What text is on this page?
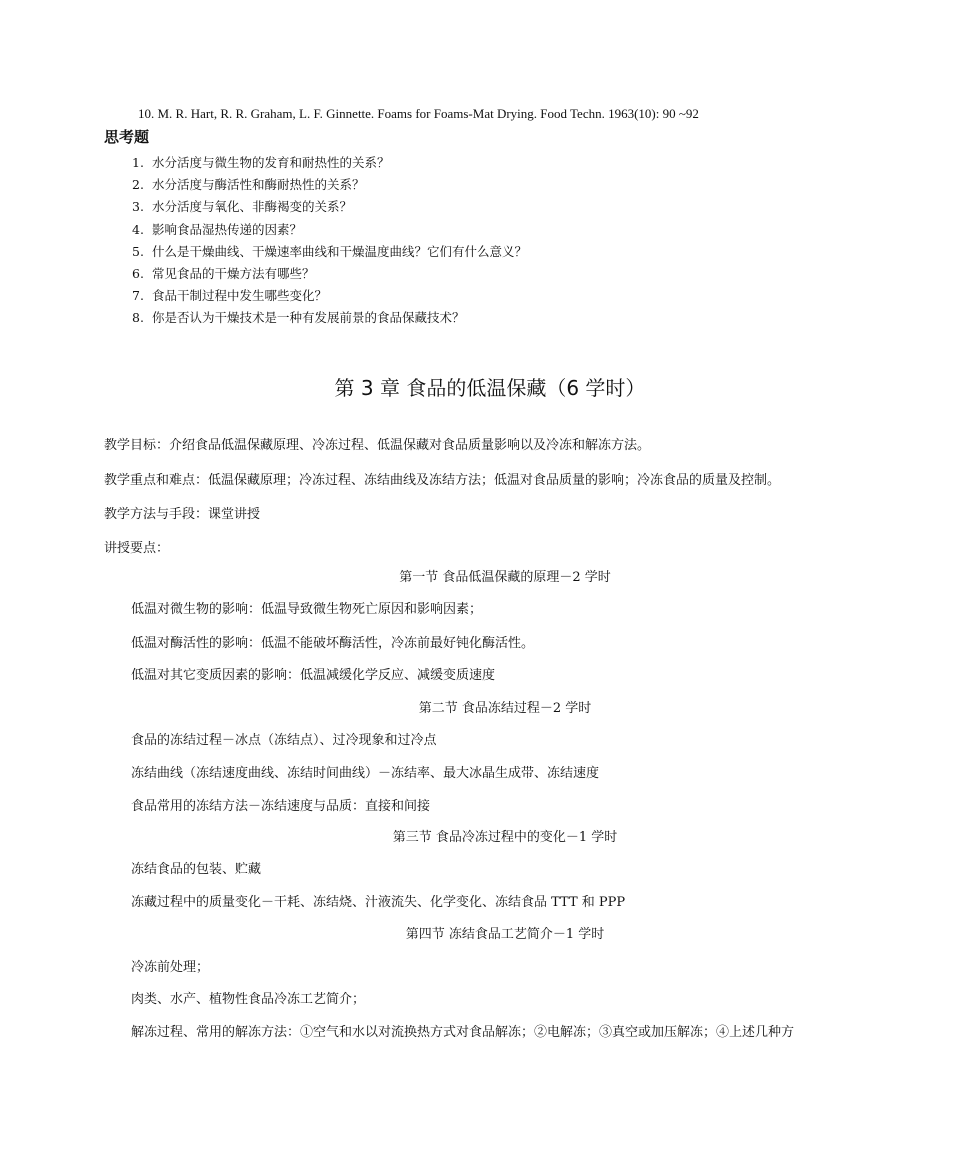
10. M. R. Hart, R. R. Graham, L. F. Ginnette. Foams for Foams-Mat Drying. Food Techn. 1963(10): 90 ~92
思考题
1. 水分活度与微生物的发育和耐热性的关系？
2. 水分活度与酶活性和酶耐热性的关系？
3. 水分活度与氧化、非酶褐变的关系？
4. 影响食品湿热传递的因素？
5. 什么是干燥曲线、干燥速率曲线和干燥温度曲线？它们有什么意义？
6. 常见食品的干燥方法有哪些？
7. 食品干制过程中发生哪些变化？
8. 你是否认为干燥技术是一种有发展前景的食品保藏技术？
第 3 章 食品的低温保藏（6 学时）
教学目标：介绍食品低温保藏原理、冷冻过程、低温保藏对食品质量影响以及冷冻和解冻方法。
教学重点和难点：低温保藏原理；冷冻过程、冻结曲线及冻结方法；低温对食品质量的影响；冷冻食品的质量及控制。
教学方法与手段：课堂讲授
讲授要点：
第一节 食品低温保藏的原理－2 学时
低温对微生物的影响：低温导致微生物死亡原因和影响因素；
低温对酶活性的影响：低温不能破坏酶活性，冷冻前最好钝化酶活性。
低温对其它变质因素的影响：低温减缓化学反应、减缓变质速度
第二节 食品冻结过程－2 学时
食品的冻结过程－冰点（冻结点）、过冷现象和过冷点
冻结曲线（冻结速度曲线、冻结时间曲线）－冻结率、最大冰晶生成带、冻结速度
食品常用的冻结方法－冻结速度与品质：直接和间接
第三节 食品冷冻过程中的变化－1 学时
冻结食品的包装、贮藏
冻藏过程中的质量变化－干耗、冻结烧、汁液流失、化学变化、冻结食品 TTT 和 PPP
第四节 冻结食品工艺简介－1 学时
冷冻前处理；
肉类、水产、植物性食品冷冻工艺简介；
解冻过程、常用的解冻方法：①空气和水以对流换热方式对食品解冻；②电解冻；③真空或加压解冻；④上述几种方
